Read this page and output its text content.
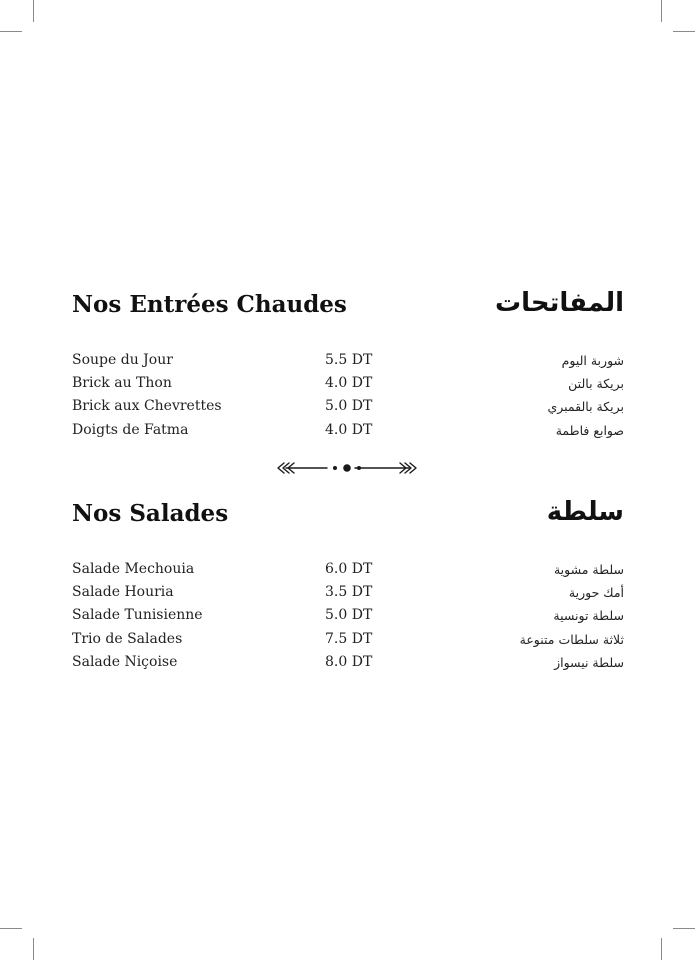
Nos Entrées Chaudes	المفاتحات
Soupe du Jour	5.5 DT	شوربة اليوم
Brick au Thon	4.0 DT	بريكة بالتن
Brick aux Chevrettes	5.0 DT	بريكة بالقمبري
Doigts de Fatma	4.0 DT	صوابع فاطمة
Nos Salades	سلطة
Salade Mechouia	6.0 DT	سلطة مشوية
Salade Houria	3.5 DT	أمك حورية
Salade Tunisienne	5.0 DT	سلطة تونسية
Trio de Salades	7.5 DT	ثلاثة سلطات متنوعة
Salade Niçoise	8.0 DT	سلطة نيسواز
